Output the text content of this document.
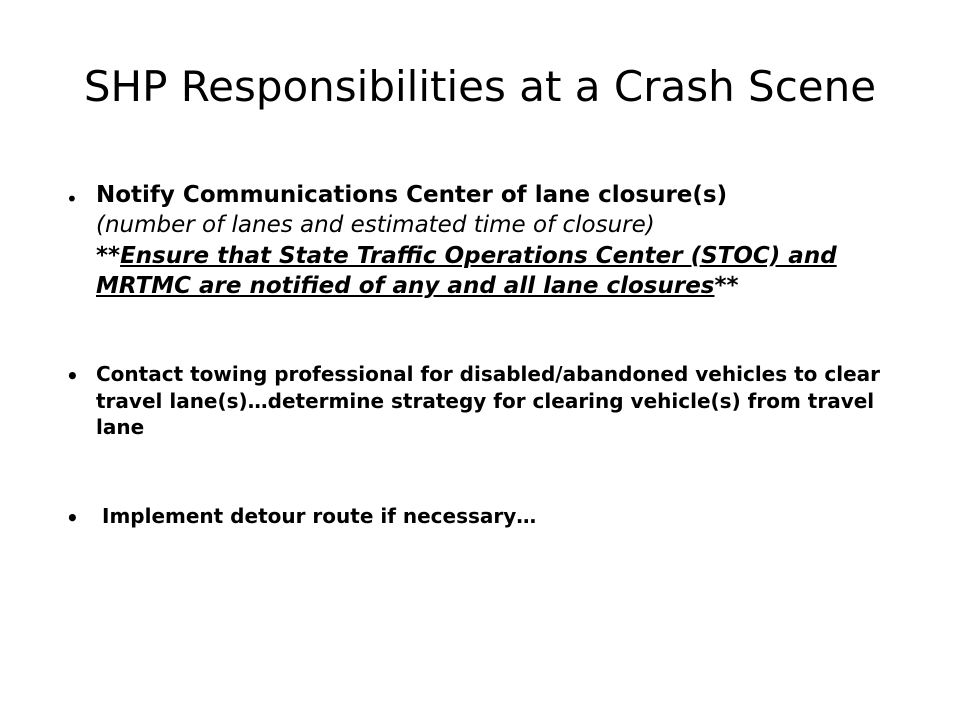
SHP Responsibilities at a Crash Scene
• Notify Communications Center of lane closure(s)
(number of lanes and estimated time of closure)
**Ensure that State Traffic Operations Center (STOC) and MRTMC are notified of any and all lane closures**
• Contact towing professional for disabled/abandoned vehicles to clear travel lane(s)…determine strategy for clearing vehicle(s) from travel lane
• Implement detour route if necessary…
